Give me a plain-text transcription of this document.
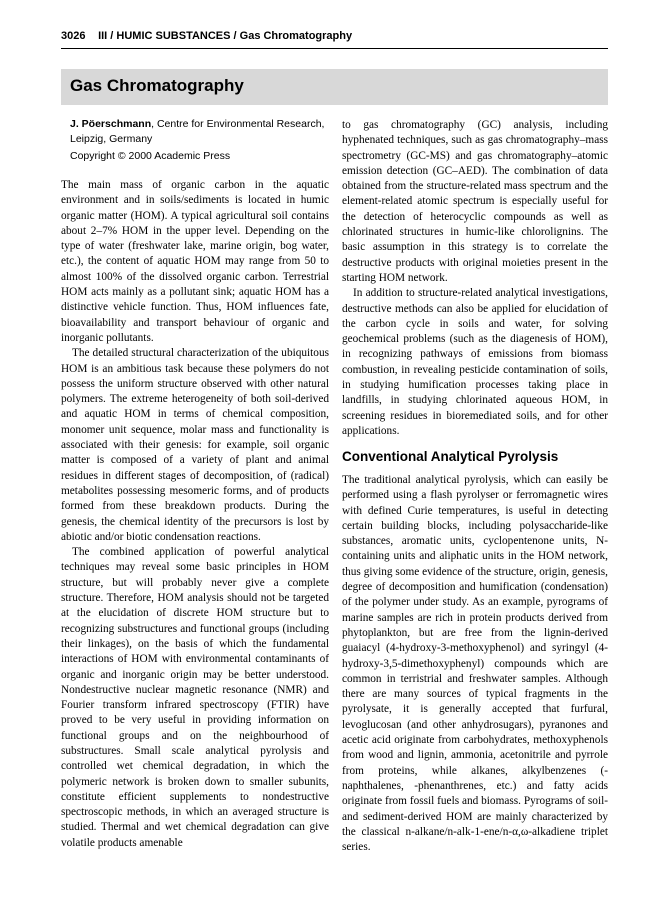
3026 III / HUMIC SUBSTANCES / Gas Chromatography
Gas Chromatography
J. Pöerschmann, Centre for Environmental Research, Leipzig, Germany
Copyright © 2000 Academic Press

The main mass of organic carbon in the aquatic environment and in soils/sediments is located in humic organic matter (HOM). A typical agricultural soil contains about 2–7% HOM in the upper level. Depending on the type of water (freshwater lake, marine origin, bog water, etc.), the content of aquatic HOM may range from 50 to almost 100% of the dissolved organic carbon. Terrestrial HOM acts mainly as a pollutant sink; aquatic HOM has a distinctive vehicle function. Thus, HOM influences fate, bioavailability and transport behaviour of organic and inorganic pollutants.

The detailed structural characterization of the ubiquitous HOM is an ambitious task because these polymers do not possess the uniform structure observed with other natural polymers. The extreme heterogeneity of both soil-derived and aquatic HOM in terms of chemical composition, monomer unit sequence, molar mass and functionality is associated with their genesis: for example, soil organic matter is composed of a variety of plant and animal residues in different stages of decomposition, of (radical) metabolites possessing mesomeric forms, and of products formed from these breakdown products. During the genesis, the chemical identity of the precursors is lost by abiotic and/or biotic condensation reactions.

The combined application of powerful analytical techniques may reveal some basic principles in HOM structure, but will probably never give a complete structure. Therefore, HOM analysis should not be targeted at the elucidation of discrete HOM structure but to recognizing substructures and functional groups (including their linkages), on the basis of which the fundamental interactions of HOM with environmental contaminants of organic and inorganic origin may be better understood. Nondestructive nuclear magnetic resonance (NMR) and Fourier transform infrared spectroscopy (FTIR) have proved to be very useful in providing information on functional groups and on the neighbourhood of substructures. Small scale analytical pyrolysis and controlled wet chemical degradation, in which the polymeric network is broken down to smaller subunits, constitute efficient supplements to nondestructive spectroscopic methods, in which an averaged structure is studied. Thermal and wet chemical degradation can give volatile products amenable

to gas chromatography (GC) analysis, including hyphenated techniques, such as gas chromatography–mass spectrometry (GC-MS) and gas chromatography–atomic emission detection (GC–AED). The combination of data obtained from the structure-related mass spectrum and the element-related atomic spectrum is especially useful for the detection of heterocyclic compounds as well as chlorinated structures in humic-like chlorolignins. The basic assumption in this strategy is to correlate the destructive products with original moieties present in the starting HOM network.

In addition to structure-related analytical investigations, destructive methods can also be applied for elucidation of the carbon cycle in soils and water, for solving geochemical problems (such as the diagenesis of HOM), in recognizing pathways of emissions from biomass combustion, in revealing pesticide contamination of soils, in studying humification processes taking place in landfills, in studying chlorinated aqueous HOM, in screening residues in bioremediated soils, and for other applications.

Conventional Analytical Pyrolysis

The traditional analytical pyrolysis, which can easily be performed using a flash pyrolyser or ferromagnetic wires with defined Curie temperatures, is useful in detecting certain building blocks, including polysaccharide-like substances, aromatic units, cyclopentenone units, N-containing units and aliphatic units in the HOM network, thus giving some evidence of the structure, origin, genesis, degree of decomposition and humification (condensation) of the polymer under study. As an example, pyrograms of marine samples are rich in protein products derived from phytoplankton, but are free from the lignin-derived guaiacyl (4-hydroxy-3-methoxyphenol) and syringyl (4-hydroxy-3,5-dimethoxyphenyl) compounds which are common in terristrial and freshwater samples. Although there are many sources of typical fragments in the pyrolysate, it is generally accepted that furfural, levoglucosan (and other anhydrosugars), pyranones and acetic acid originate from carbohydrates, methoxyphenols from wood and lignin, ammonia, acetonitrile and pyrrole from proteins, while alkanes, alkylbenzenes (-naphthalenes, -phenanthrenes, etc.) and fatty acids originate from fossil fuels and biomass. Pyrograms of soil- and sediment-derived HOM are mainly characterized by the classical n-alkane/n-alk-1-ene/n-α,ω-alkadiene triplet series.
